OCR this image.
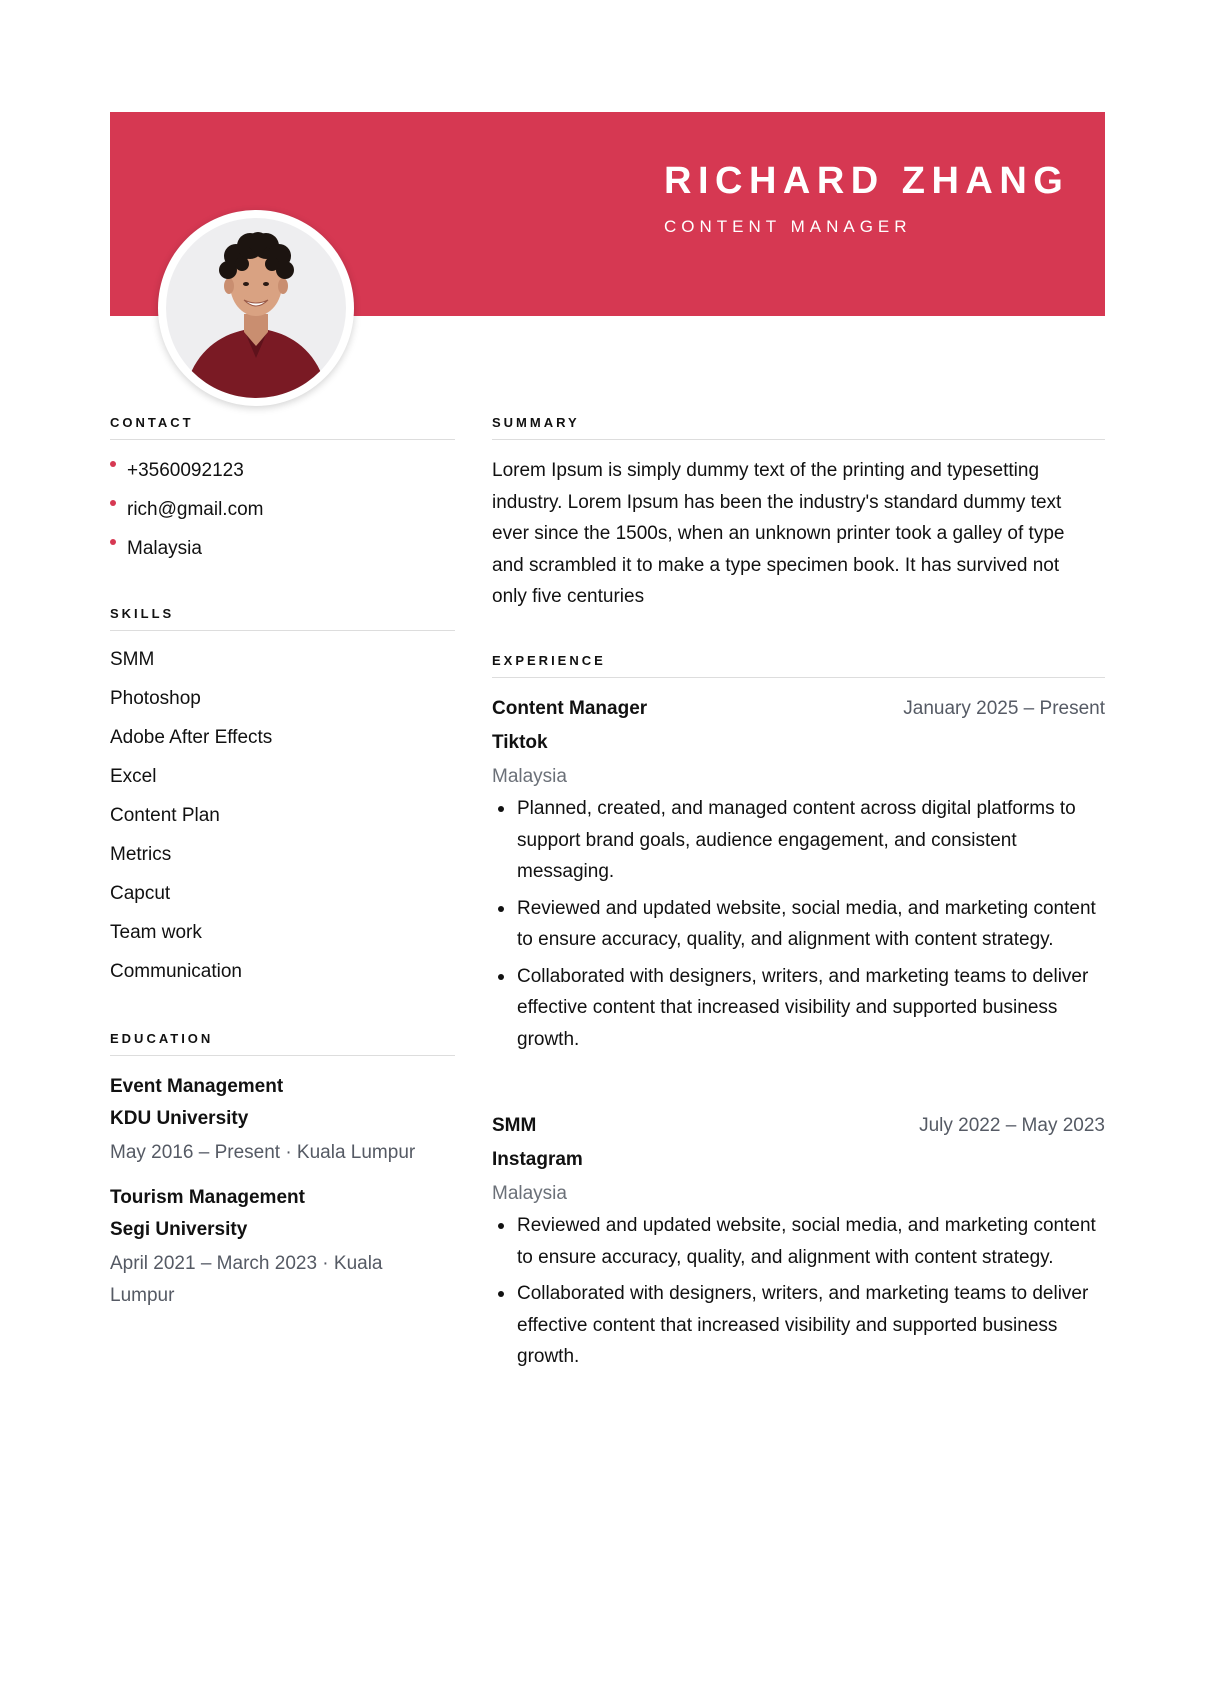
RICHARD ZHANG
CONTENT MANAGER
CONTACT
+3560092123
rich@gmail.com
Malaysia
SKILLS
SMM
Photoshop
Adobe After Effects
Excel
Content Plan
Metrics
Capcut
Team work
Communication
EDUCATION
Event Management
KDU University
May 2016 – Present · Kuala Lumpur
Tourism Management
Segi University
April 2021 – March 2023 · Kuala Lumpur
SUMMARY

Lorem Ipsum is simply dummy text of the printing and typesetting industry. Lorem Ipsum has been the industry's standard dummy text ever since the 1500s, when an unknown printer took a galley of type and scrambled it to make a type specimen book. It has survived not only five centuries

EXPERIENCE
Content Manager	January 2025 – Present
Tiktok
Malaysia
Planned, created, and managed content across digital platforms to support brand goals, audience engagement, and consistent messaging.
Reviewed and updated website, social media, and marketing content to ensure accuracy, quality, and alignment with content strategy.
Collaborated with designers, writers, and marketing teams to deliver effective content that increased visibility and supported business growth.
SMM	July 2022 – May 2023
Instagram
Malaysia
Reviewed and updated website, social media, and marketing content to ensure accuracy, quality, and alignment with content strategy.
Collaborated with designers, writers, and marketing teams to deliver effective content that increased visibility and supported business growth.
